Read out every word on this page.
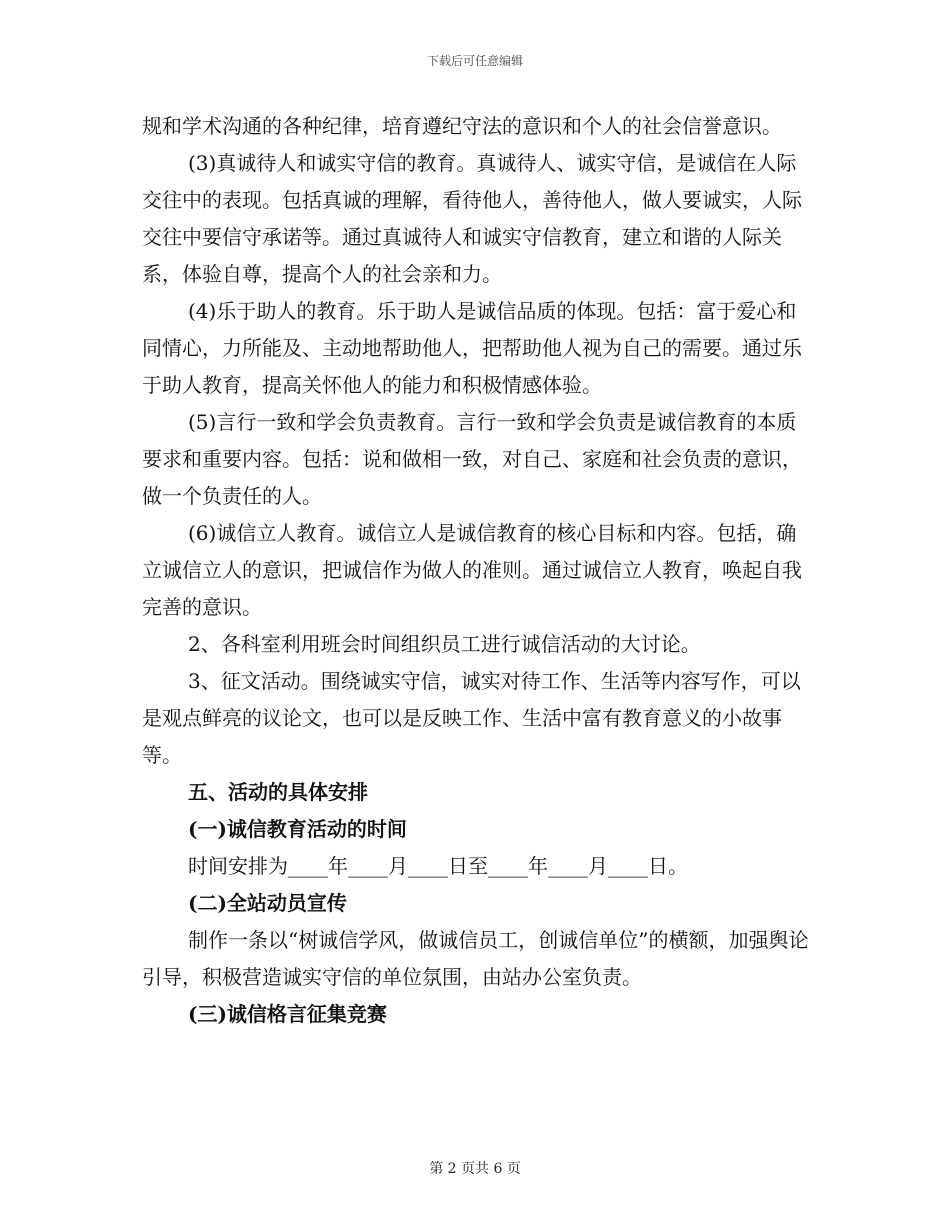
下载后可任意编辑

规和学术沟通的各种纪律，培育遵纪守法的意识和个人的社会信誉意识。

(3)真诚待人和诚实守信的教育。真诚待人、诚实守信，是诚信在人际交往中的表现。包括真诚的理解，看待他人，善待他人，做人要诚实，人际交往中要信守承诺等。通过真诚待人和诚实守信教育，建立和谐的人际关系，体验自尊，提高个人的社会亲和力。

(4)乐于助人的教育。乐于助人是诚信品质的体现。包括：富于爱心和同情心，力所能及、主动地帮助他人，把帮助他人视为自己的需要。通过乐于助人教育，提高关怀他人的能力和积极情感体验。

(5)言行一致和学会负责教育。言行一致和学会负责是诚信教育的本质要求和重要内容。包括：说和做相一致，对自己、家庭和社会负责的意识，做一个负责任的人。

(6)诚信立人教育。诚信立人是诚信教育的核心目标和内容。包括，确立诚信立人的意识，把诚信作为做人的准则。通过诚信立人教育，唤起自我完善的意识。

2、各科室利用班会时间组织员工进行诚信活动的大讨论。

3、征文活动。围绕诚实守信，诚实对待工作、生活等内容写作，可以是观点鲜亮的议论文，也可以是反映工作、生活中富有教育意义的小故事等。

五、活动的具体安排

(一)诚信教育活动的时间

时间安排为____年____月____日至____年____月____日。

(二)全站动员宣传

制作一条以“树诚信学风，做诚信员工，创诚信单位”的横额，加强舆论引导，积极营造诚实守信的单位氛围，由站办公室负责。

(三)诚信格言征集竞赛

第 2 页共 6 页
